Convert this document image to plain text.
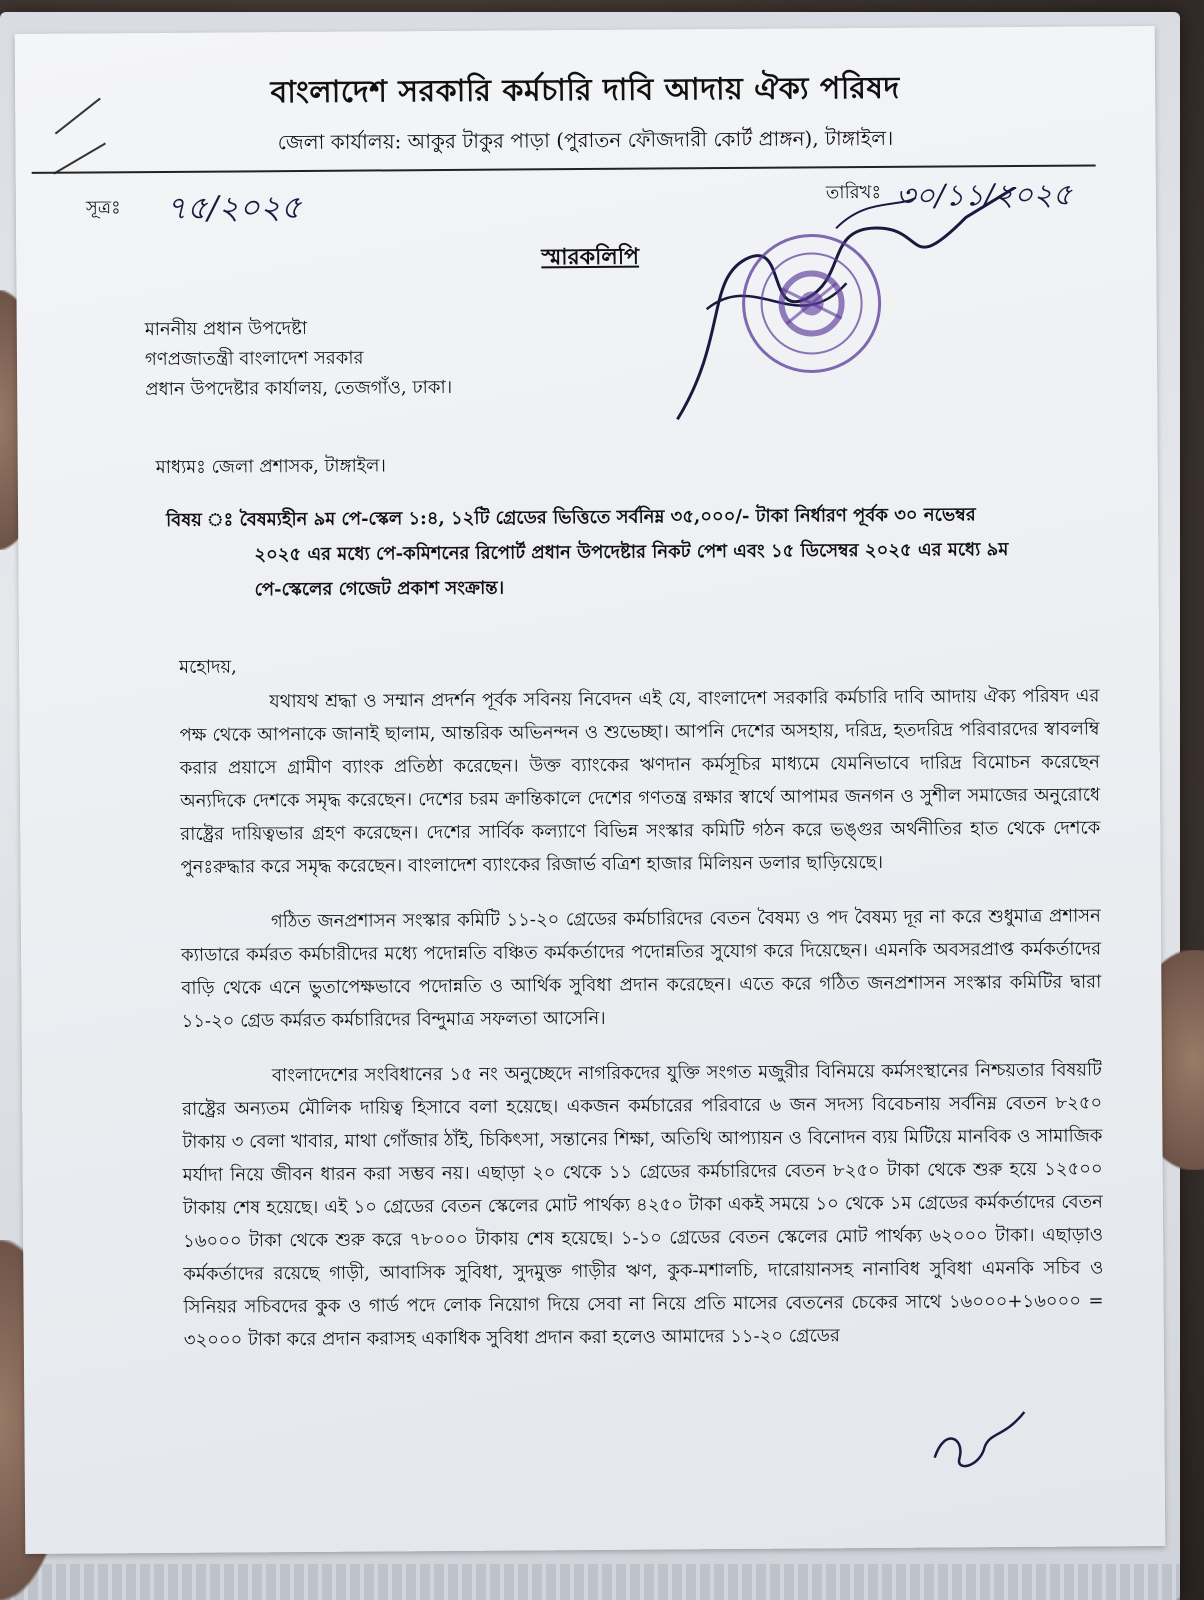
বাংলাদেশ সরকারি কর্মচারি দাবি আদায় ঐক্য পরিষদ
জেলা কার্যালয়: আকুর টাকুর পাড়া (পুরাতন ফৌজদারী কোর্ট প্রাঙ্গন), টাঙ্গাইল।
সূত্রঃ ৭৫/২০২৫	তারিখঃ ৩০/১১/২০২৫
স্মারকলিপি
মাননীয় প্রধান উপদেষ্টা
গণপ্রজাতন্ত্রী বাংলাদেশ সরকার
প্রধান উপদেষ্টার কার্যালয়, তেজগাঁও, ঢাকা।
মাধ্যমঃ জেলা প্রশাসক, টাঙ্গাইল।
বিষয় ঃ বৈষম্যহীন ৯ম পে-স্কেল ১:৪, ১২টি গ্রেডের ভিত্তিতে সর্বনিম্ন ৩৫,০০০/- টাকা নির্ধারণ পূর্বক ৩০ নভেম্বর
২০২৫ এর মধ্যে পে-কমিশনের রিপোর্ট প্রধান উপদেষ্টার নিকট পেশ এবং ১৫ ডিসেম্বর ২০২৫ এর মধ্যে ৯ম
পে-স্কেলের গেজেট প্রকাশ সংক্রান্ত।
মহোদয়,

যথাযথ শ্রদ্ধা ও সম্মান প্রদর্শন পূর্বক সবিনয় নিবেদন এই যে, বাংলাদেশ সরকারি কর্মচারি দাবি আদায় ঐক্য পরিষদ এর পক্ষ থেকে আপনাকে জানাই ছালাম, আন্তরিক অভিনন্দন ও শুভেচ্ছা। আপনি দেশের অসহায়, দরিদ্র, হতদরিদ্র পরিবারদের স্বাবলম্বি করার প্রয়াসে গ্রামীণ ব্যাংক প্রতিষ্ঠা করেছেন। উক্ত ব্যাংকের ঋণদান কর্মসূচির মাধ্যমে যেমনিভাবে দারিদ্র বিমোচন করেছেন অন্যদিকে দেশকে সমৃদ্ধ করেছেন। দেশের চরম ক্রান্তিকালে দেশের গণতন্ত্র রক্ষার স্বার্থে আপামর জনগন ও সুশীল সমাজের অনুরোধে রাষ্ট্রের দায়িত্বভার গ্রহণ করেছেন। দেশের সার্বিক কল্যাণে বিভিন্ন সংস্কার কমিটি গঠন করে ভঙ্গুর অর্থনীতির হাত থেকে দেশকে পুনঃরুদ্ধার করে সমৃদ্ধ করেছেন। বাংলাদেশ ব্যাংকের রিজার্ভ বত্রিশ হাজার মিলিয়ন ডলার ছাড়িয়েছে।

গঠিত জনপ্রশাসন সংস্কার কমিটি ১১-২০ গ্রেডের কর্মচারিদের বেতন বৈষম্য ও পদ বৈষম্য দূর না করে শুধুমাত্র প্রশাসন ক্যাডারে কর্মরত কর্মচারীদের মধ্যে পদোন্নতি বঞ্চিত কর্মকর্তাদের পদোন্নতির সুযোগ করে দিয়েছেন। এমনকি অবসরপ্রাপ্ত কর্মকর্তাদের বাড়ি থেকে এনে ভুতাপেক্ষভাবে পদোন্নতি ও আর্থিক সুবিধা প্রদান করেছেন। এতে করে গঠিত জনপ্রশাসন সংস্কার কমিটির দ্বারা ১১-২০ গ্রেড কর্মরত কর্মচারিদের বিন্দুমাত্র সফলতা আসেনি।

বাংলাদেশের সংবিধানের ১৫ নং অনুচ্ছেদে নাগরিকদের যুক্তি সংগত মজুরীর বিনিময়ে কর্মসংস্থানের নিশ্চয়তার বিষয়টি রাষ্ট্রের অন্যতম মৌলিক দায়িত্ব হিসাবে বলা হয়েছে। একজন কর্মচারের পরিবারে ৬ জন সদস্য বিবেচনায় সর্বনিম্ন বেতন ৮২৫০ টাকায় ৩ বেলা খাবার, মাথা গোঁজার ঠাঁই, চিকিৎসা, সন্তানের শিক্ষা, অতিথি আপ্যায়ন ও বিনোদন ব্যয় মিটিয়ে মানবিক ও সামাজিক মর্যাদা নিয়ে জীবন ধারন করা সম্ভব নয়। এছাড়া ২০ থেকে ১১ গ্রেডের কর্মচারিদের বেতন ৮২৫০ টাকা থেকে শুরু হয়ে ১২৫০০ টাকায় শেষ হয়েছে। এই ১০ গ্রেডের বেতন স্কেলের মোট পার্থক্য ৪২৫০ টাকা একই সময়ে ১০ থেকে ১ম গ্রেডের কর্মকর্তাদের বেতন ১৬০০০ টাকা থেকে শুরু করে ৭৮০০০ টাকায় শেষ হয়েছে। ১-১০ গ্রেডের বেতন স্কেলের মোট পার্থক্য ৬২০০০ টাকা। এছাড়াও কর্মকর্তাদের রয়েছে গাড়ী, আবাসিক সুবিধা, সুদমুক্ত গাড়ীর ঋণ, কুক-মশালচি, দারোয়ানসহ নানাবিধ সুবিধা এমনকি সচিব ও সিনিয়র সচিবদের কুক ও গার্ড পদে লোক নিয়োগ দিয়ে সেবা না নিয়ে প্রতি মাসের বেতনের চেকের সাথে ১৬০০০+১৬০০০ = ৩২০০০ টাকা করে প্রদান করাসহ একাধিক সুবিধা প্রদান করা হলেও আমাদের ১১-২০ গ্রেডের
